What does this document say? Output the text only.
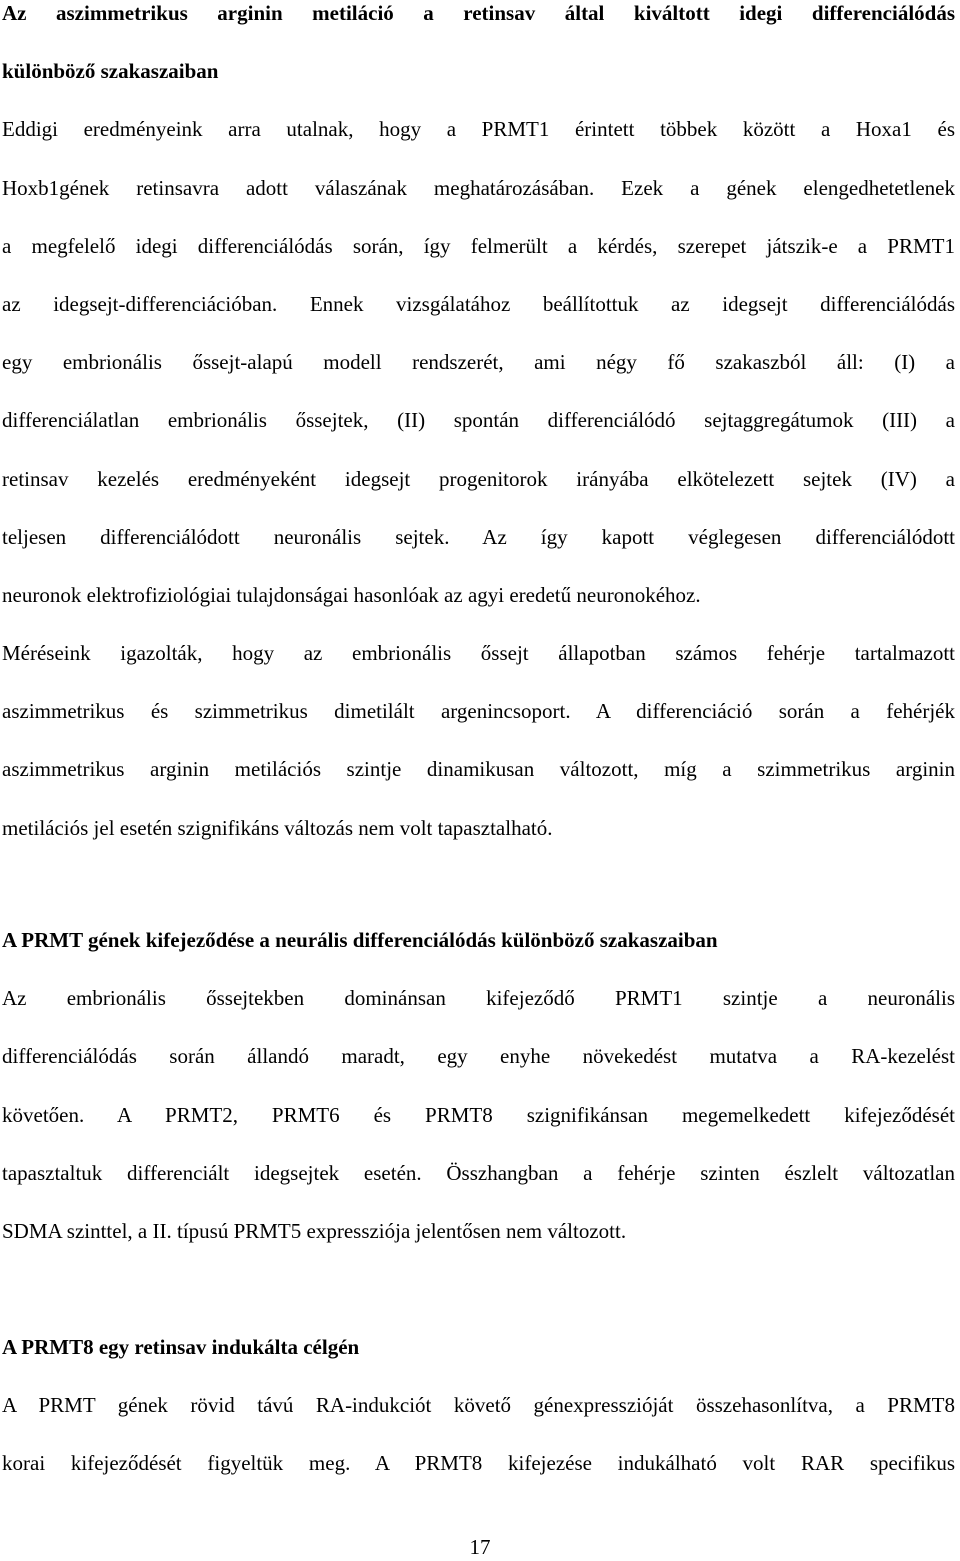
Az aszimmetrikus arginin metiláció a retinsav által kiváltott idegi differenciálódás
különböző szakaszaiban

Eddigi eredményeink arra utalnak, hogy a PRMT1 érintett többek között a Hoxa1 és
Hoxb1gének retinsavra adott válaszának meghatározásában. Ezek a gének elengedhetetlenek
a megfelelő idegi differenciálódás során, így felmerült a kérdés, szerepet játszik-e a PRMT1
az idegsejt-differenciációban. Ennek vizsgálatához beállítottuk az idegsejt differenciálódás
egy embrionális őssejt-alapú modell rendszerét, ami négy fő szakaszból áll: (I) a
differenciálatlan embrionális őssejtek, (II) spontán differenciálódó sejtaggregátumok (III) a
retinsav kezelés eredményeként idegsejt progenitorok irányába elkötelezett sejtek (IV) a
teljesen differenciálódott neuronális sejtek. Az így kapott véglegesen differenciálódott
neuronok elektrofiziológiai tulajdonságai hasonlóak az agyi eredetű neuronokéhoz.
Méréseink igazolták, hogy az embrionális őssejt állapotban számos fehérje tartalmazott
aszimmetrikus és szimmetrikus dimetilált argenincsoport. A differenciáció során a fehérjék
aszimmetrikus arginin metilációs szintje dinamikusan változott, míg a szimmetrikus arginin
metilációs jel esetén szignifikáns változás nem volt tapasztalható.

A PRMT gének kifejeződése a neurális differenciálódás különböző szakaszaiban

Az embrionális őssejtekben dominánsan kifejeződő PRMT1 szintje a neuronális
differenciálódás során állandó maradt, egy enyhe növekedést mutatva a RA-kezelést
követően. A PRMT2, PRMT6 és PRMT8 szignifikánsan megemelkedett kifejeződését
tapasztaltuk differenciált idegsejtek esetén. Összhangban a fehérje szinten észlelt változatlan
SDMA szinttel, a II. típusú PRMT5 expressziója jelentősen nem változott.

A PRMT8 egy retinsav indukálta célgén

A PRMT gének rövid távú RA-indukciót követő génexpresszióját összehasonlítva, a PRMT8
korai kifejeződését figyeltük meg. A PRMT8 kifejezése indukálható volt RAR specifikus

17
